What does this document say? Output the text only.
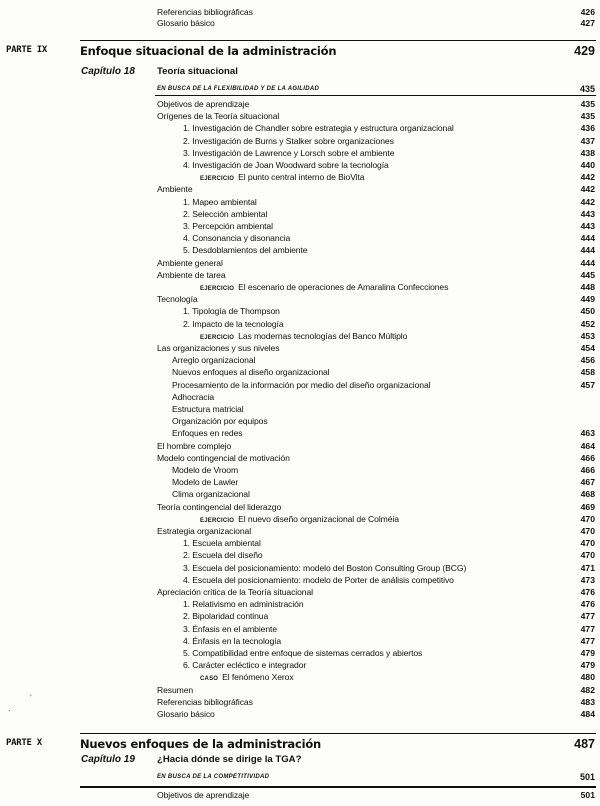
Referencias bibliográficas	426
Glosario básico	427
PARTE IX	Enfoque situacional de la administración	429
Capítulo 18 Teoría situacional
EN BUSCA DE LA FLEXIBILIDAD Y DE LA AGILIDAD	435
Objetivos de aprendizaje	435
Orígenes de la Teoría situacional	435
1. Investigación de Chandler sobre estrategia y estructura organizacional	436
2. Investigación de Burns y Stalker sobre organizaciones	437
3. Investigación de Lawrence y Lorsch sobre el ambiente	438
4. Investigación de Joan Woodward sobre la tecnología	440
EJERCICIO El punto central interno de BioVita	442
Ambiente	442
1. Mapeo ambiental	442
2. Selección ambiental	443
3. Percepción ambiental	443
4. Consonancia y disonancia	444
5. Desdoblamientos del ambiente	444
Ambiente general	444
Ambiente de tarea	445
EJERCICIO El escenario de operaciones de Amaralina Confecciones	448
Tecnología	449
1. Tipología de Thompson	450
2. Impacto de la tecnología	452
EJERCICIO Las modernas tecnologías del Banco Múltiplo	453
Las organizaciones y sus niveles	454
Arreglo organizacional	456
Nuevos enfoques al diseño organizacional	458
Procesamiento de la información por medio del diseño organizacional	457
Adhocracia
Estructura matricial
Organización por equipos
Enfoques en redes	463
El hombre complejo	464
Modelo contingencial de motivación	466
Modelo de Vroom	466
Modelo de Lawler	467
Clima organizacional	468
Teoría contingencial del liderazgo	469
EJERCICIO El nuevo diseño organizacional de Colméia	470
Estrategia organizacional	470
1. Escuela ambiental	470
2. Escuela del diseño	470
3. Escuela del posicionamiento: modelo del Boston Consulting Group (BCG)	471
4. Escuela del posicionamiento: modelo de Porter de análisis competitivo	473
Apreciación crítica de la Teoría situacional	476
1. Relativismo en administración	476
2. Bipolaridad continua	477
3. Énfasis en el ambiente	477
4. Énfasis en la tecnología	477
5. Compatibilidad entre enfoque de sistemas cerrados y abiertos	479
6. Carácter ecléctico e integrador	479
CASO El fenómeno Xerox	480
Resumen	482
Referencias bibliográficas	483
Glosario básico	484
PARTE X	Nuevos enfoques de la administración	487
Capítulo 19 ¿Hacia dónde se dirige la TGA?
EN BUSCA DE LA COMPETITIVIDAD	501
Objetivos de aprendizaje	501
·
ʼ
